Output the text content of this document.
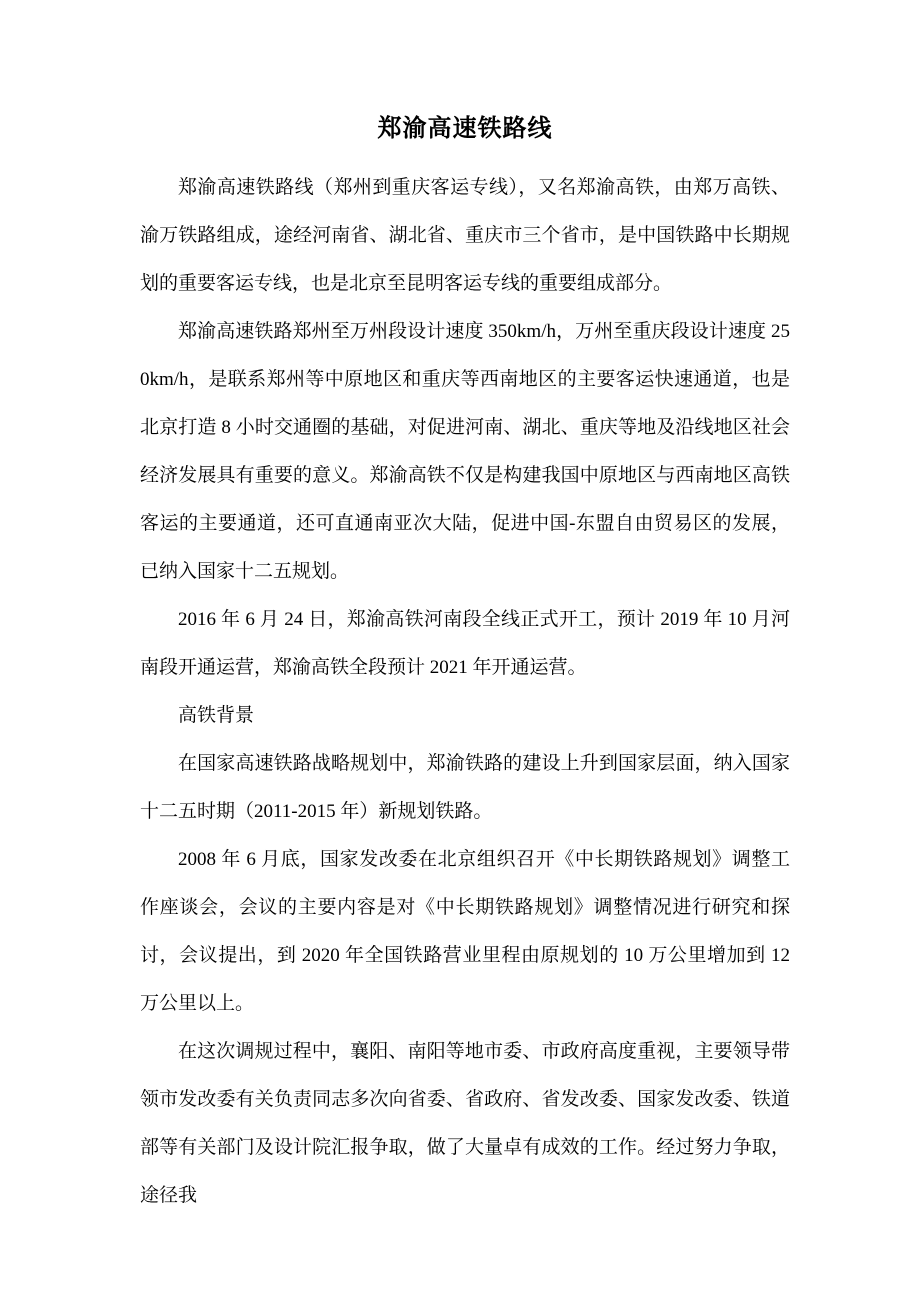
郑渝高速铁路线

郑渝高速铁路线（郑州到重庆客运专线），又名郑渝高铁，由郑万高铁、渝万铁路组成，途经河南省、湖北省、重庆市三个省市，是中国铁路中长期规划的重要客运专线，也是北京至昆明客运专线的重要组成部分。

郑渝高速铁路郑州至万州段设计速度 350km/h，万州至重庆段设计速度 250km/h，是联系郑州等中原地区和重庆等西南地区的主要客运快速通道，也是北京打造 8 小时交通圈的基础，对促进河南、湖北、重庆等地及沿线地区社会经济发展具有重要的意义。郑渝高铁不仅是构建我国中原地区与西南地区高铁客运的主要通道，还可直通南亚次大陆，促进中国-东盟自由贸易区的发展，已纳入国家十二五规划。

2016 年 6 月 24 日，郑渝高铁河南段全线正式开工，预计 2019 年 10 月河南段开通运营，郑渝高铁全段预计 2021 年开通运营。

高铁背景

在国家高速铁路战略规划中，郑渝铁路的建设上升到国家层面，纳入国家十二五时期（2011-2015 年）新规划铁路。

2008 年 6 月底，国家发改委在北京组织召开《中长期铁路规划》调整工作座谈会，会议的主要内容是对《中长期铁路规划》调整情况进行研究和探讨，会议提出，到 2020 年全国铁路营业里程由原规划的 10 万公里增加到 12 万公里以上。

在这次调规过程中，襄阳、南阳等地市委、市政府高度重视，主要领导带领市发改委有关负责同志多次向省委、省政府、省发改委、国家发改委、铁道部等有关部门及设计院汇报争取，做了大量卓有成效的工作。经过努力争取，途径我
